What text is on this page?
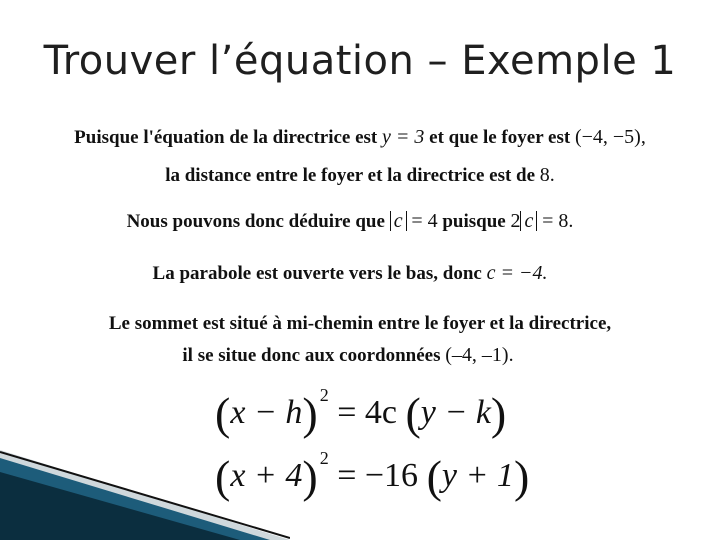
Trouver l’équation – Exemple 1
Puisque l'équation de la directrice est y = 3 et que le foyer est (−4, −5),
la distance entre le foyer et la directrice est de 8.
Nous pouvons donc déduire que c = 4 puisque 2 c = 8.
La parabole est ouverte vers le bas, donc c = −4.
Le sommet est situé à mi-chemin entre le foyer et la directrice,
il se situe donc aux coordonnées (–4, –1).
(x − h) $^2$ = 4c (y − k)
(x + 4) $^2$ = −16 (y + 1)
